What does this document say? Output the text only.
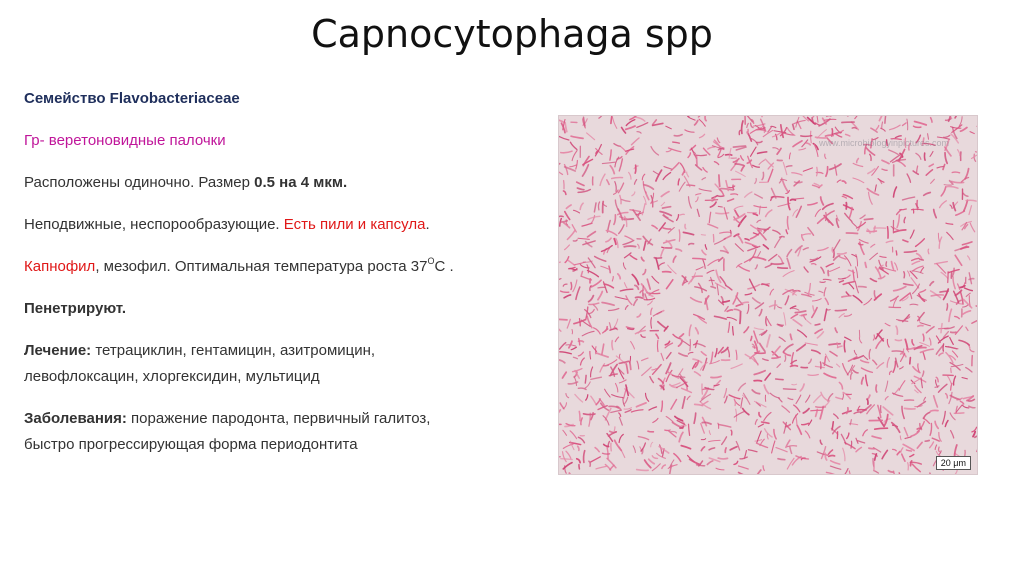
Capnocytophaga spp

Семейство Flavobacteriaceae

Гр- веретоновидные палочки

Расположены одиночно. Размер 0.5 на 4 мкм.

Неподвижные, неспорообразующие. Есть пили и капсула.

Капнофил, мезофил. Оптимальная температура роста $37^OC$ .

Пенетрируют.

Лечение: тетрациклин, гентамицин, азитромицин,

левофлоксацин, хлоргексидин, мультицид

Заболевания: поражение пародонта, первичный галитоз,

быстро прогрессирующая форма периодонтита

www.microbiologyinpictures.com
20 μm
